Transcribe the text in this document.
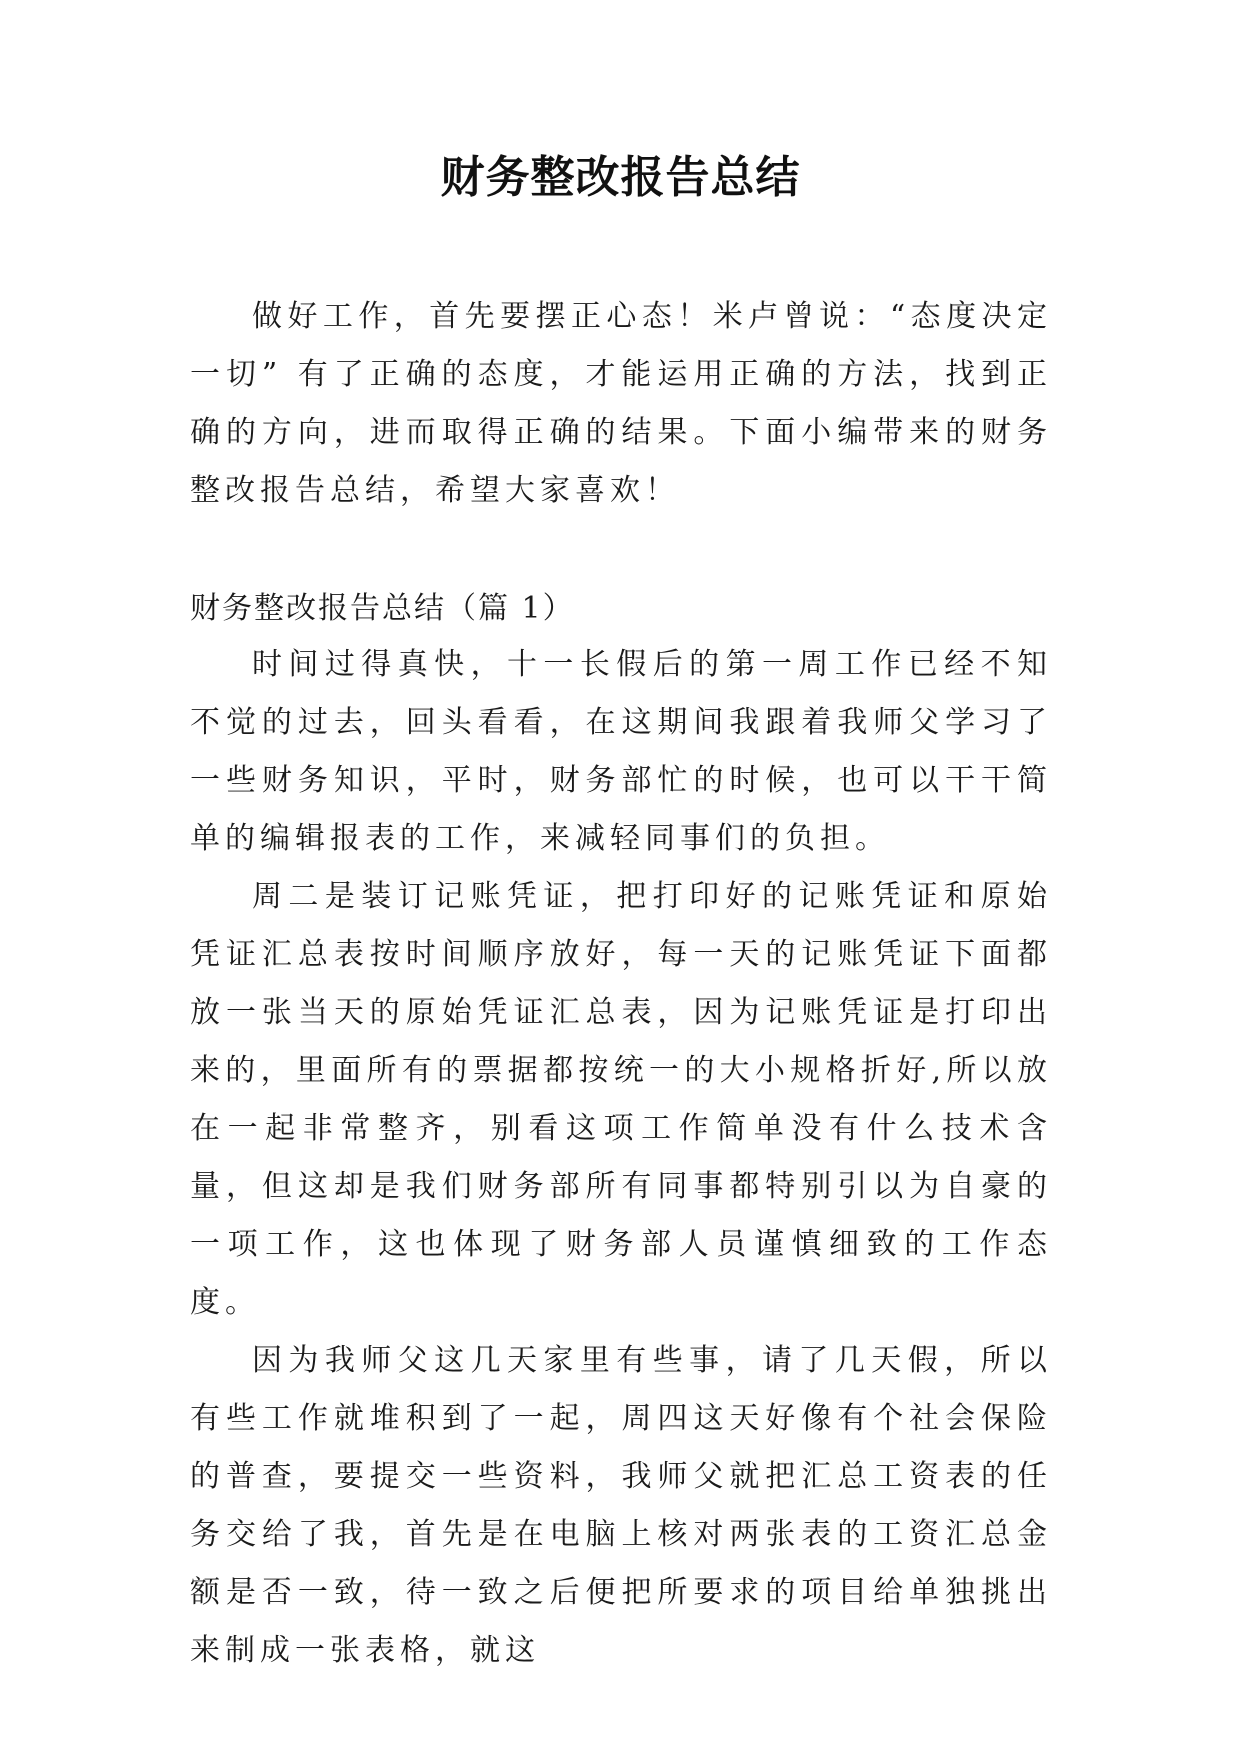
财务整改报告总结

做好工作，首先要摆正心态！米卢曾说：“态度决定一切” 有了正确的态度，才能运用正确的方法，找到正确的方向，进而取得正确的结果。下面小编带来的财务整改报告总结，希望大家喜欢！

财务整改报告总结（篇 1）

时间过得真快，十一长假后的第一周工作已经不知不觉的过去，回头看看，在这期间我跟着我师父学习了一些财务知识，平时，财务部忙的时候，也可以干干简单的编辑报表的工作，来减轻同事们的负担。

周二是装订记账凭证，把打印好的记账凭证和原始凭证汇总表按时间顺序放好，每一天的记账凭证下面都放一张当天的原始凭证汇总表，因为记账凭证是打印出来的，里面所有的票据都按统一的大小规格折好,所以放在一起非常整齐，别看这项工作简单没有什么技术含量，但这却是我们财务部所有同事都特别引以为自豪的一项工作，这也体现了财务部人员谨慎细致的工作态度。

因为我师父这几天家里有些事，请了几天假，所以有些工作就堆积到了一起，周四这天好像有个社会保险的普查，要提交一些资料，我师父就把汇总工资表的任务交给了我，首先是在电脑上核对两张表的工资汇总金额是否一致，待一致之后便把所要求的项目给单独挑出来制成一张表格，就这
